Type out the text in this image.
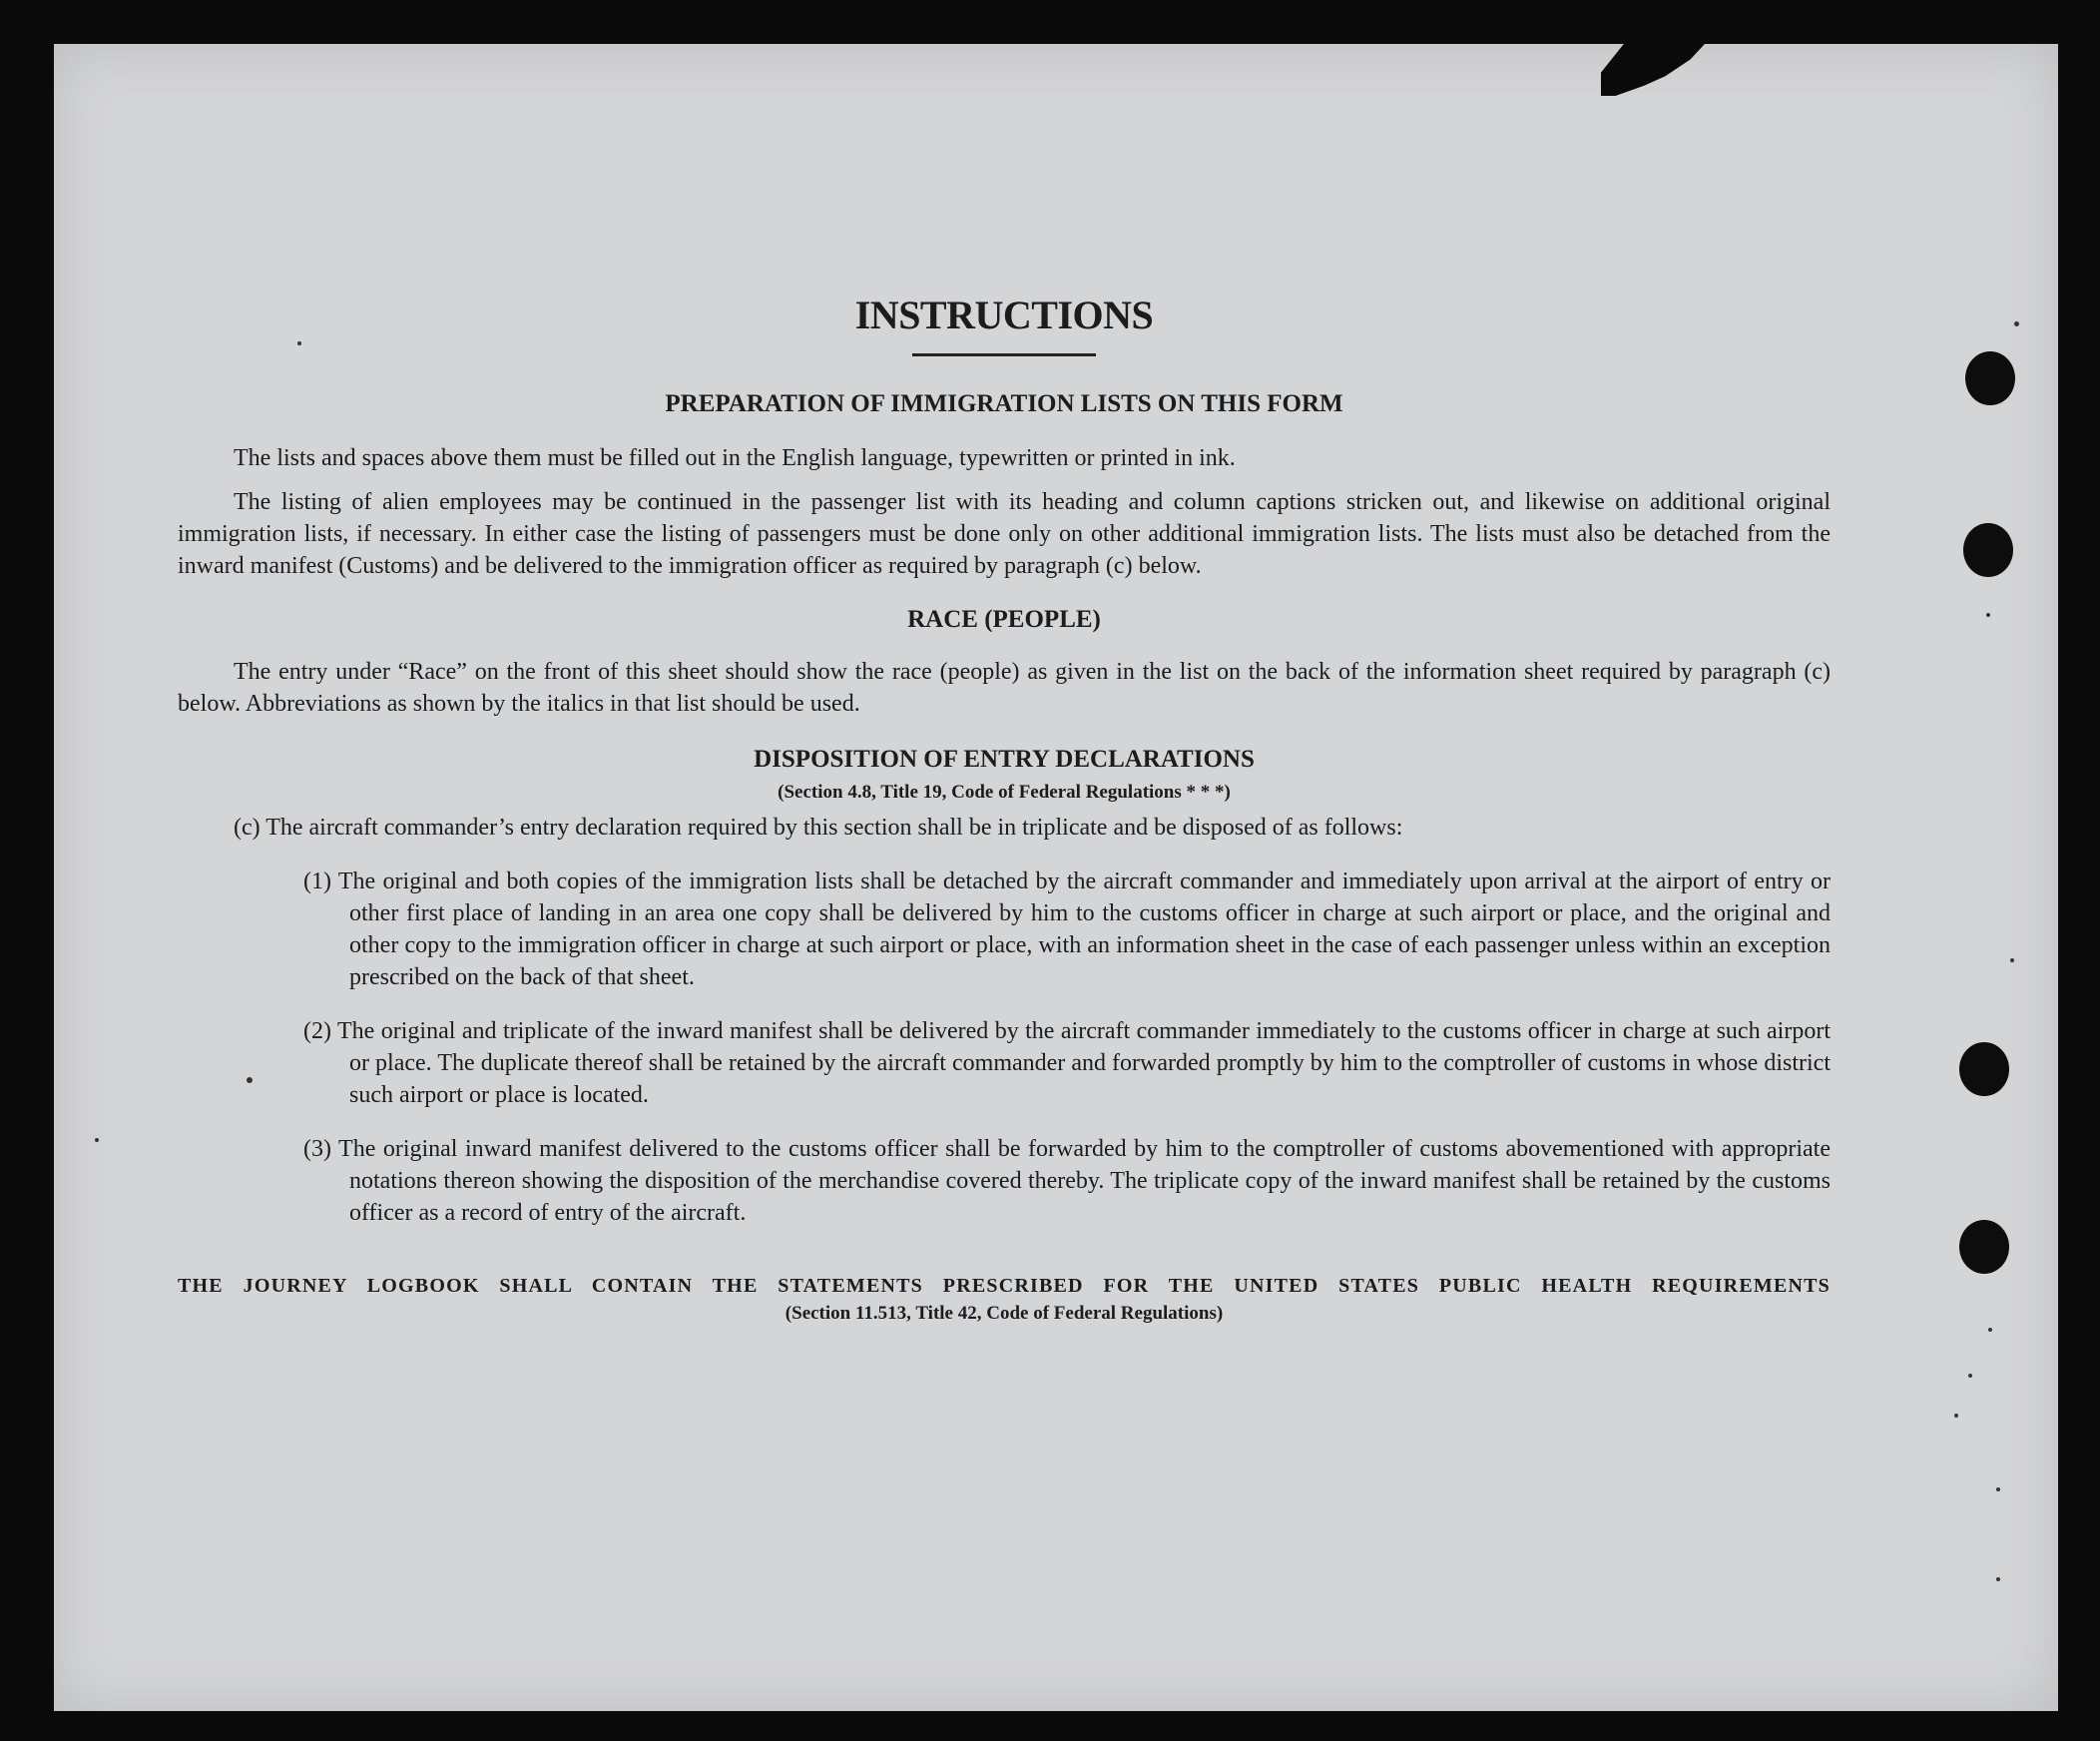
INSTRUCTIONS
PREPARATION OF IMMIGRATION LISTS ON THIS FORM

The lists and spaces above them must be filled out in the English language, typewritten or printed in ink.

The listing of alien employees may be continued in the passenger list with its heading and column captions stricken out, and likewise on additional original immigration lists, if necessary. In either case the listing of passengers must be done only on other additional immigration lists. The lists must also be detached from the inward manifest (Customs) and be delivered to the immigration officer as required by paragraph (c) below.

RACE (PEOPLE)

The entry under “Race” on the front of this sheet should show the race (people) as given in the list on the back of the information sheet required by paragraph (c) below. Abbreviations as shown by the italics in that list should be used.

DISPOSITION OF ENTRY DECLARATIONS

(Section 4.8, Title 19, Code of Federal Regulations * * *)

(c) The aircraft commander’s entry declaration required by this section shall be in triplicate and be disposed of as follows:

(1) The original and both copies of the immigration lists shall be detached by the aircraft commander and immediately upon arrival at the airport of entry or other first place of landing in an area one copy shall be delivered by him to the customs officer in charge at such airport or place, and the original and other copy to the immigration officer in charge at such airport or place, with an information sheet in the case of each passenger unless within an exception prescribed on the back of that sheet.

(2) The original and triplicate of the inward manifest shall be delivered by the aircraft commander immediately to the customs officer in charge at such airport or place. The duplicate thereof shall be retained by the aircraft commander and forwarded promptly by him to the comptroller of customs in whose district such airport or place is located.

(3) The original inward manifest delivered to the customs officer shall be forwarded by him to the comptroller of customs abovementioned with appropriate notations thereon showing the disposition of the merchandise covered thereby. The triplicate copy of the inward manifest shall be retained by the customs officer as a record of entry of the aircraft.

THE JOURNEY LOGBOOK SHALL CONTAIN THE STATEMENTS PRESCRIBED FOR THE UNITED STATES PUBLIC HEALTH REQUIREMENTS

(Section 11.513, Title 42, Code of Federal Regulations)
